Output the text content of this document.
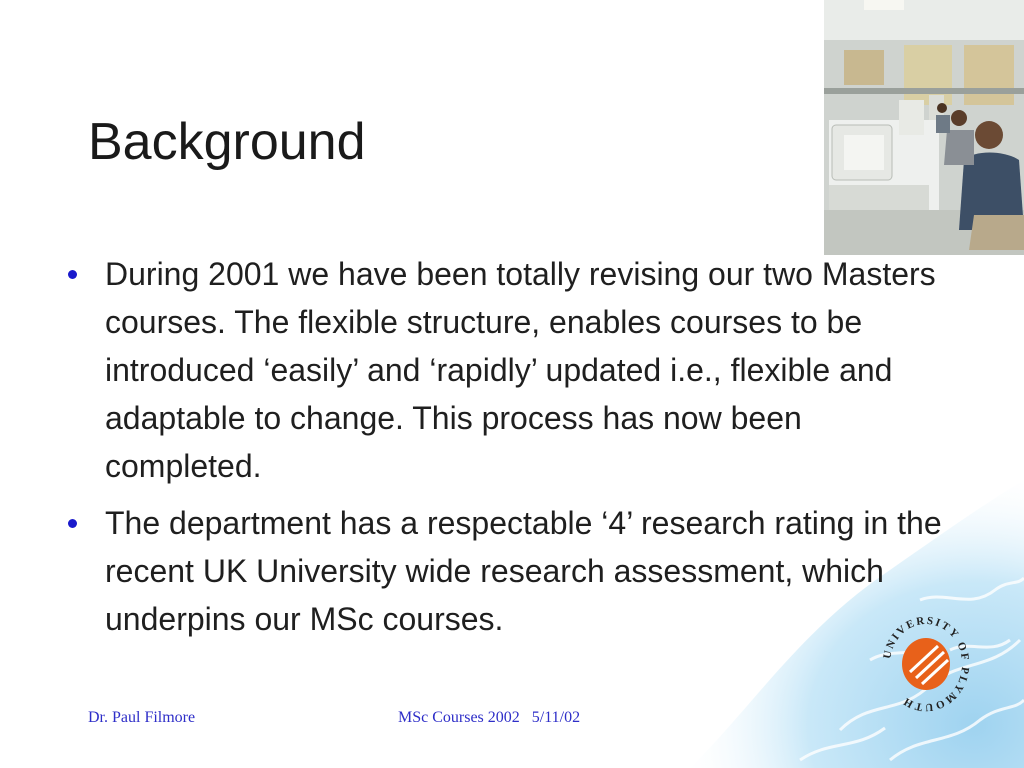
Background
During 2001 we have been totally revising our two Masters courses. The flexible structure, enables courses to be introduced ‘easily’ and ‘rapidly’ updated i.e., flexible and adaptable to change. This process has now been completed.
The department has a respectable ‘4’ research rating in the recent UK University wide research assessment, which underpins our MSc courses.
Dr. Paul Filmore	MSc Courses 2002 5/11/02
UNIVERSITY OF PLYMOUTH
